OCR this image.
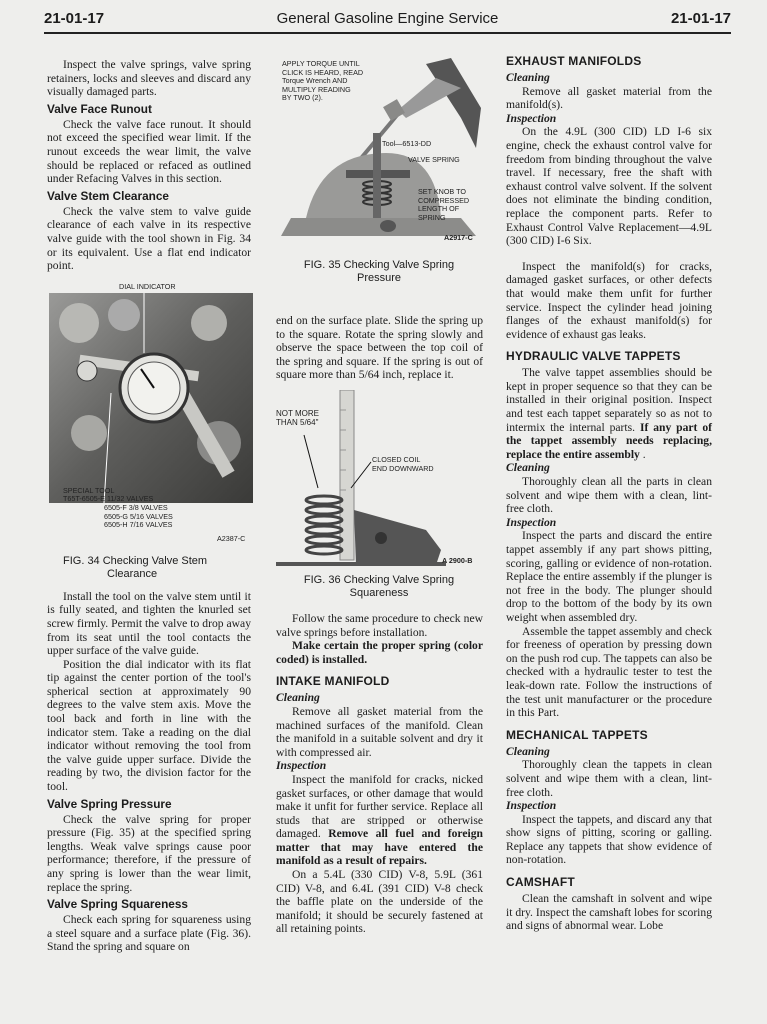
21-01-17	General Gasoline Engine Service	21-01-17

Inspect the valve springs, valve spring retainers, locks and sleeves and discard any visually damaged parts.

Valve Face Runout

Check the valve face runout. It should not exceed the specified wear limit. If the runout exceeds the wear limit, the valve should be replaced or refaced as outlined under Refacing Valves in this section.

Valve Stem Clearance

Check the valve stem to valve guide clearance of each valve in its respective valve guide with the tool shown in Fig. 34 or its equivalent. Use a flat end indicator point.

DIAL INDICATOR
SPECIAL TOOL
T65T-6505-E 11/32 VALVES
6505-F 3/8 VALVES
6505-G 5/16 VALVES
6505-H 7/16 VALVES
A2387-C

FIG. 34 Checking Valve Stem

Clearance

Install the tool on the valve stem until it is fully seated, and tighten the knurled set screw firmly. Permit the valve to drop away from its seat until the tool contacts the upper surface of the valve guide.

Position the dial indicator with its flat tip against the center portion of the tool's spherical section at approximately 90 degrees to the valve stem axis. Move the tool back and forth in line with the indicator stem. Take a reading on the dial indicator without removing the tool from the valve guide upper surface. Divide the reading by two, the division factor for the tool.

Valve Spring Pressure

Check the valve spring for proper pressure (Fig. 35) at the specified spring lengths. Weak valve springs cause poor performance; therefore, if the pressure of any spring is lower than the wear limit, replace the spring.

Valve Spring Squareness

Check each spring for squareness using a steel square and a surface plate (Fig. 36). Stand the spring and square on

APPLY TORQUE UNTIL
CLICK IS HEARD, READ
Torque Wrench AND
MULTIPLY READING
BY TWO (2).
Tool—6513-DD
VALVE SPRING
SET KNOB TO
COMPRESSED
LENGTH OF
SPRING
A2917-C

FIG. 35 Checking Valve Spring

Pressure

end on the surface plate. Slide the spring up to the square. Rotate the spring slowly and observe the space between the top coil of the spring and square. If the spring is out of square more than 5/64 inch, replace it.

NOT MORE
THAN 5/64"
CLOSED COIL
END DOWNWARD
A 2900-B

FIG. 36 Checking Valve Spring

Squareness

Follow the same procedure to check new valve springs before installation.

Make certain the proper spring (color coded) is installed.

INTAKE MANIFOLD
Cleaning

Remove all gasket material from the machined surfaces of the manifold. Clean the manifold in a suitable solvent and dry it with compressed air.

Inspection

Inspect the manifold for cracks, nicked gasket surfaces, or other damage that would make it unfit for further service. Replace all studs that are stripped or otherwise damaged. Remove all fuel and foreign matter that may have entered the manifold as a result of repairs.

On a 5.4L (330 CID) V-8, 5.9L (361 CID) V-8, and 6.4L (391 CID) V-8 check the baffle plate on the underside of the manifold; it should be securely fastened at all retaining points.

EXHAUST MANIFOLDS
Cleaning

Remove all gasket material from the manifold(s).

Inspection

On the 4.9L (300 CID) LD I-6 six engine, check the exhaust control valve for freedom from binding throughout the valve travel. If necessary, free the shaft with exhaust control valve solvent. If the solvent does not eliminate the binding condition, replace the component parts. Refer to Exhaust Control Valve Replacement—4.9L (300 CID) I-6 Six.

Inspect the manifold(s) for cracks, damaged gasket surfaces, or other defects that would make them unfit for further service. Inspect the cylinder head joining flanges of the exhaust manifold(s) for evidence of exhaust gas leaks.

HYDRAULIC VALVE TAPPETS

The valve tappet assemblies should be kept in proper sequence so that they can be installed in their original position. Inspect and test each tappet separately so as not to intermix the internal parts. If any part of the tappet assembly needs replacing, replace the entire assembly .

Cleaning

Thoroughly clean all the parts in clean solvent and wipe them with a clean, lint-free cloth.

Inspection

Inspect the parts and discard the entire tappet assembly if any part shows pitting, scoring, galling or evidence of non-rotation. Replace the entire assembly if the plunger is not free in the body. The plunger should drop to the bottom of the body by its own weight when assembled dry.

Assemble the tappet assembly and check for freeness of operation by pressing down on the push rod cup. The tappets can also be checked with a hydraulic tester to test the leak-down rate. Follow the instructions of the test unit manufacturer or the procedure in this Part.

MECHANICAL TAPPETS
Cleaning

Thoroughly clean the tappets in clean solvent and wipe them with a clean, lint-free cloth.

Inspection

Inspect the tappets, and discard any that show signs of pitting, scoring or galling. Replace any tappets that show evidence of non-rotation.

CAMSHAFT

Clean the camshaft in solvent and wipe it dry. Inspect the camshaft lobes for scoring and signs of abnormal wear. Lobe
